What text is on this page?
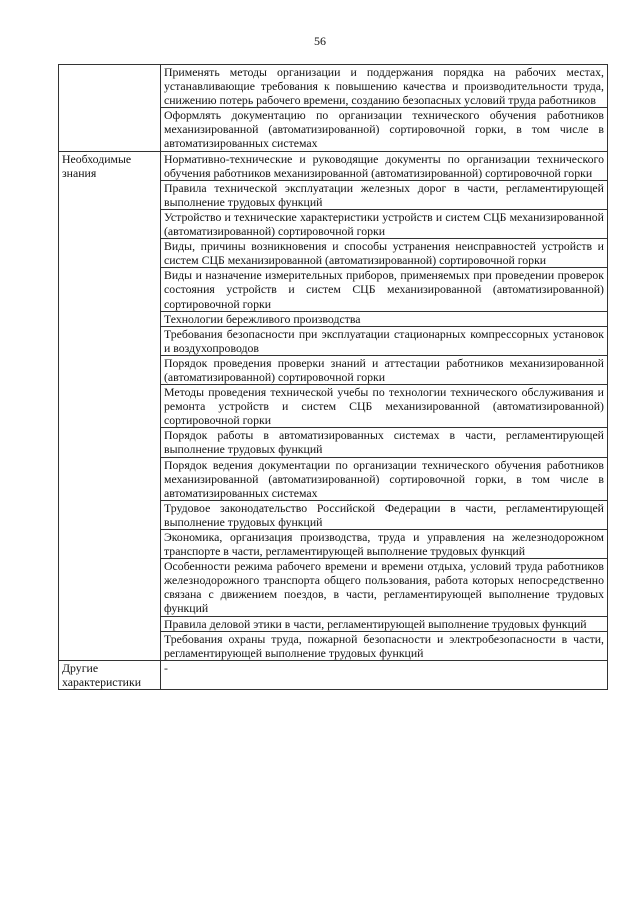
56
	Применять методы организации и поддержания порядка на рабочих местах, устанавливающие требования к повышению качества и производительности труда, снижению потерь рабочего времени, созданию безопасных условий труда работников
	Оформлять документацию по организации технического обучения работников механизированной (автоматизированной) сортировочной горки, в том числе в автоматизированных системах
Необходимые знания	Нормативно-технические и руководящие документы по организации технического обучения работников механизированной (автоматизированной) сортировочной горки
	Правила технической эксплуатации железных дорог в части, регламентирующей выполнение трудовых функций
	Устройство и технические характеристики устройств и систем СЦБ механизированной (автоматизированной) сортировочной горки
	Виды, причины возникновения и способы устранения неисправностей устройств и систем СЦБ механизированной (автоматизированной) сортировочной горки
	Виды и назначение измерительных приборов, применяемых при проведении проверок состояния устройств и систем СЦБ механизированной (автоматизированной) сортировочной горки
	Технологии бережливого производства
	Требования безопасности при эксплуатации стационарных компрессорных установок и воздухопроводов
	Порядок проведения проверки знаний и аттестации работников механизированной (автоматизированной) сортировочной горки
	Методы проведения технической учебы по технологии технического обслуживания и ремонта устройств и систем СЦБ механизированной (автоматизированной) сортировочной горки
	Порядок работы в автоматизированных системах в части, регламентирующей выполнение трудовых функций
	Порядок ведения документации по организации технического обучения работников механизированной (автоматизированной) сортировочной горки, в том числе в автоматизированных системах
	Трудовое законодательство Российской Федерации в части, регламентирующей выполнение трудовых функций
	Экономика, организация производства, труда и управления на железнодорожном транспорте в части, регламентирующей выполнение трудовых функций
	Особенности режима рабочего времени и времени отдыха, условий труда работников железнодорожного транспорта общего пользования, работа которых непосредственно связана с движением поездов, в части, регламентирующей выполнение трудовых функций
	Правила деловой этики в части, регламентирующей выполнение трудовых функций
	Требования охраны труда, пожарной безопасности и электробезопасности в части, регламентирующей выполнение трудовых функций
Другие характеристики	-
